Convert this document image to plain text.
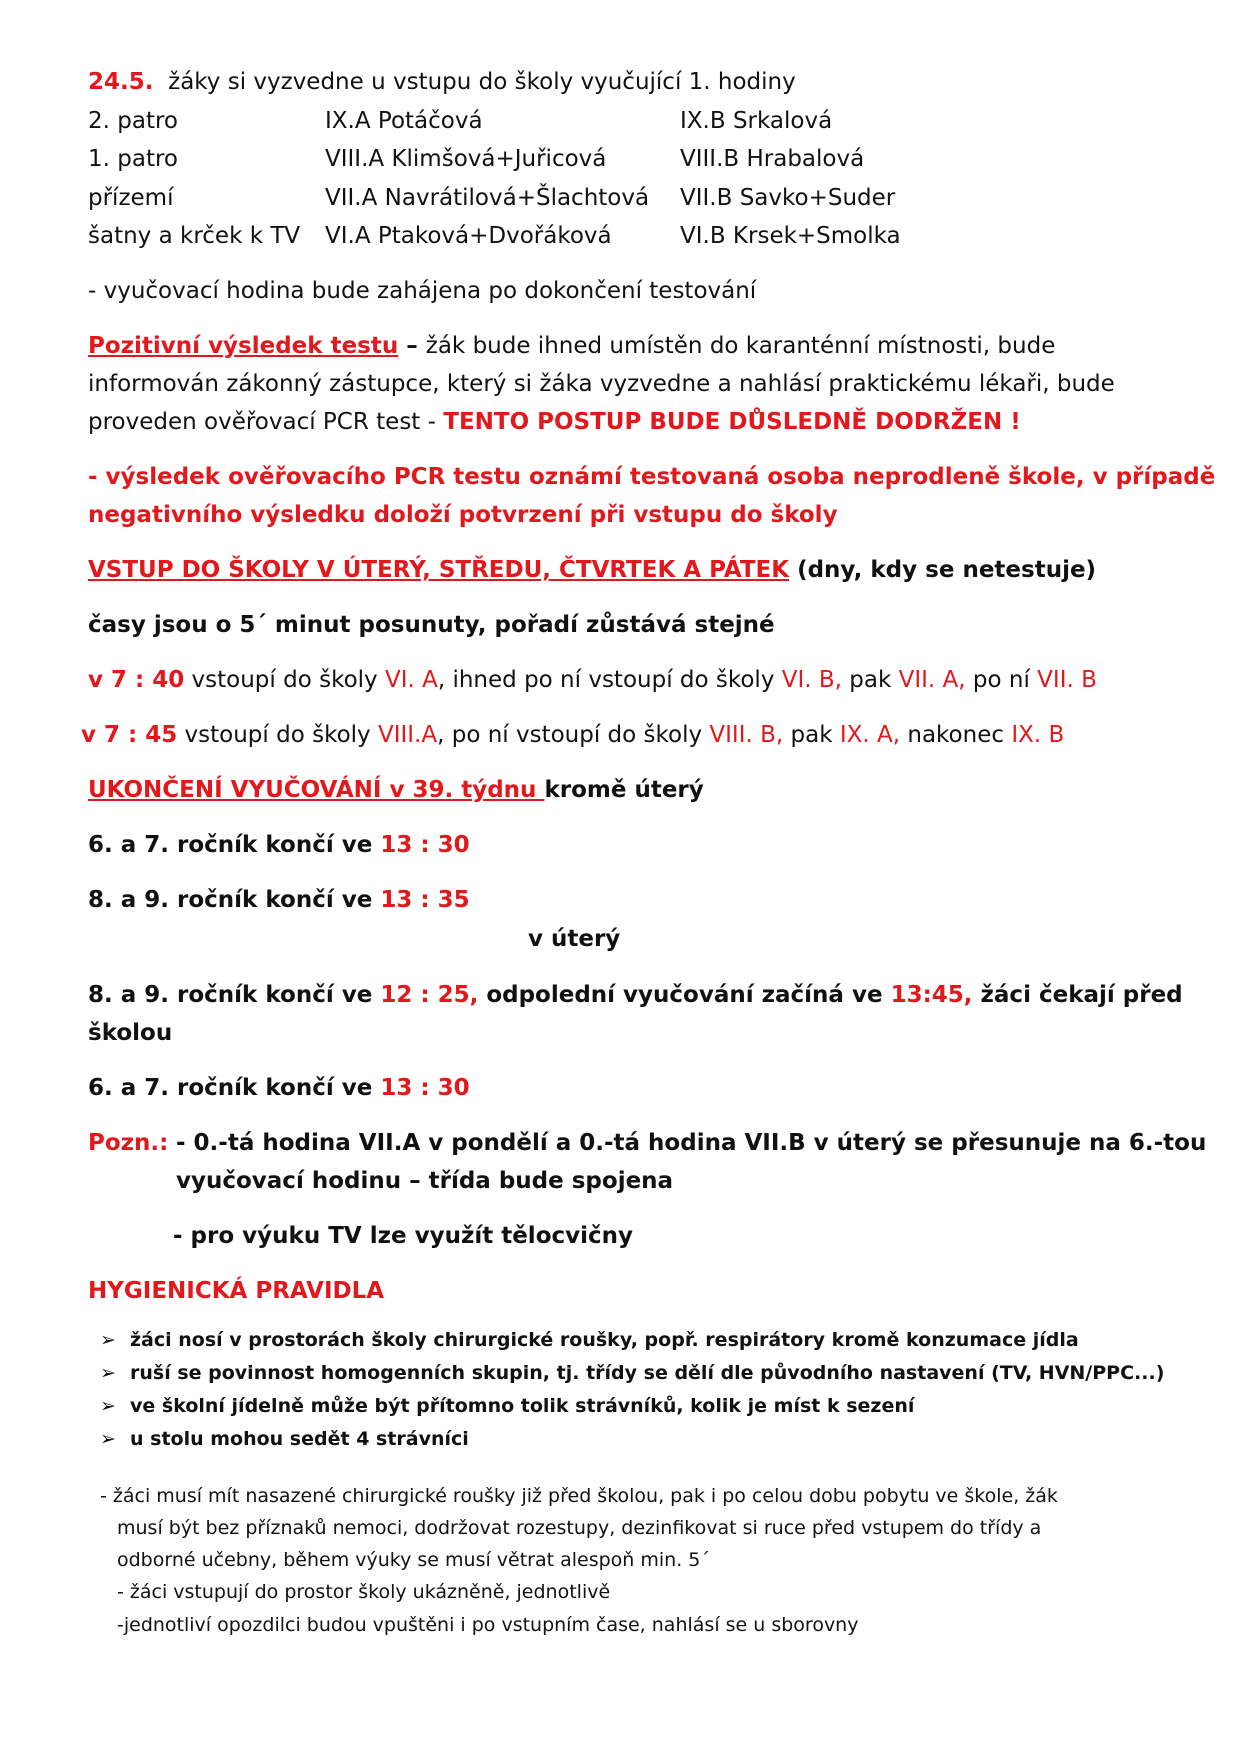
24.5. žáky si vyzvedne u vstupu do školy vyučující 1. hodiny
2. patro	IX.A Potáčová	IX.B Srkalová
1. patro	VIII.A Klimšová+Juřicová	VIII.B Hrabalová
přízemí	VII.A Navrátilová+Šlachtová VII.B Savko+Suder
šatny a krček k TV VI.A Ptaková+Dvořáková	VI.B Krsek+Smolka
- vyučovací hodina bude zahájena po dokončení testování
Pozitivní výsledek testu – žák bude ihned umístěn do karanténní místnosti, bude
informován zákonný zástupce, který si žáka vyzvedne a nahlásí praktickému lékaři, bude
proveden ověřovací PCR test - TENTO POSTUP BUDE DŮSLEDNĚ DODRŽEN !
- výsledek ověřovacího PCR testu oznámí testovaná osoba neprodleně škole, v případě
negativního výsledku doloží potvrzení při vstupu do školy
VSTUP DO ŠKOLY V ÚTERÝ, STŘEDU, ČTVRTEK A PÁTEK (dny, kdy se netestuje)
časy jsou o 5´ minut posunuty, pořadí zůstává stejné
v 7 : 40 vstoupí do školy VI. A, ihned po ní vstoupí do školy VI. B, pak VII. A, po ní VII. B
v 7 : 45 vstoupí do školy VIII.A, po ní vstoupí do školy VIII. B, pak IX. A, nakonec IX. B
UKONČENÍ VYUČOVÁNÍ v 39. týdnu kromě úterý
6. a 7. ročník končí ve 13 : 30
8. a 9. ročník končí ve 13 : 35
v úterý
8. a 9. ročník končí ve 12 : 25, odpolední vyučování začíná ve 13:45, žáci čekají před
školou
6. a 7. ročník končí ve 13 : 30
Pozn.: - 0.-tá hodina VII.A v pondělí a 0.-tá hodina VII.B v úterý se přesunuje na 6.-tou
vyučovací hodinu – třída bude spojena
- pro výuku TV lze využít tělocvičny
HYGIENICKÁ PRAVIDLA
➢ žáci nosí v prostorách školy chirurgické roušky, popř. respirátory kromě konzumace jídla
➢ ruší se povinnost homogenních skupin, tj. třídy se dělí dle původního nastavení (TV, HVN/PPC...)
➢ ve školní jídelně může být přítomno tolik strávníků, kolik je míst k sezení
➢ u stolu mohou sedět 4 strávníci
- žáci musí mít nasazené chirurgické roušky již před školou, pak i po celou dobu pobytu ve škole, žák
musí být bez příznaků nemoci, dodržovat rozestupy, dezinfikovat si ruce před vstupem do třídy a
odborné učebny, během výuky se musí větrat alespoň min. 5´
- žáci vstupují do prostor školy ukázněně, jednotlivě
-jednotliví opozdilci budou vpuštěni i po vstupním čase, nahlásí se u sborovny
